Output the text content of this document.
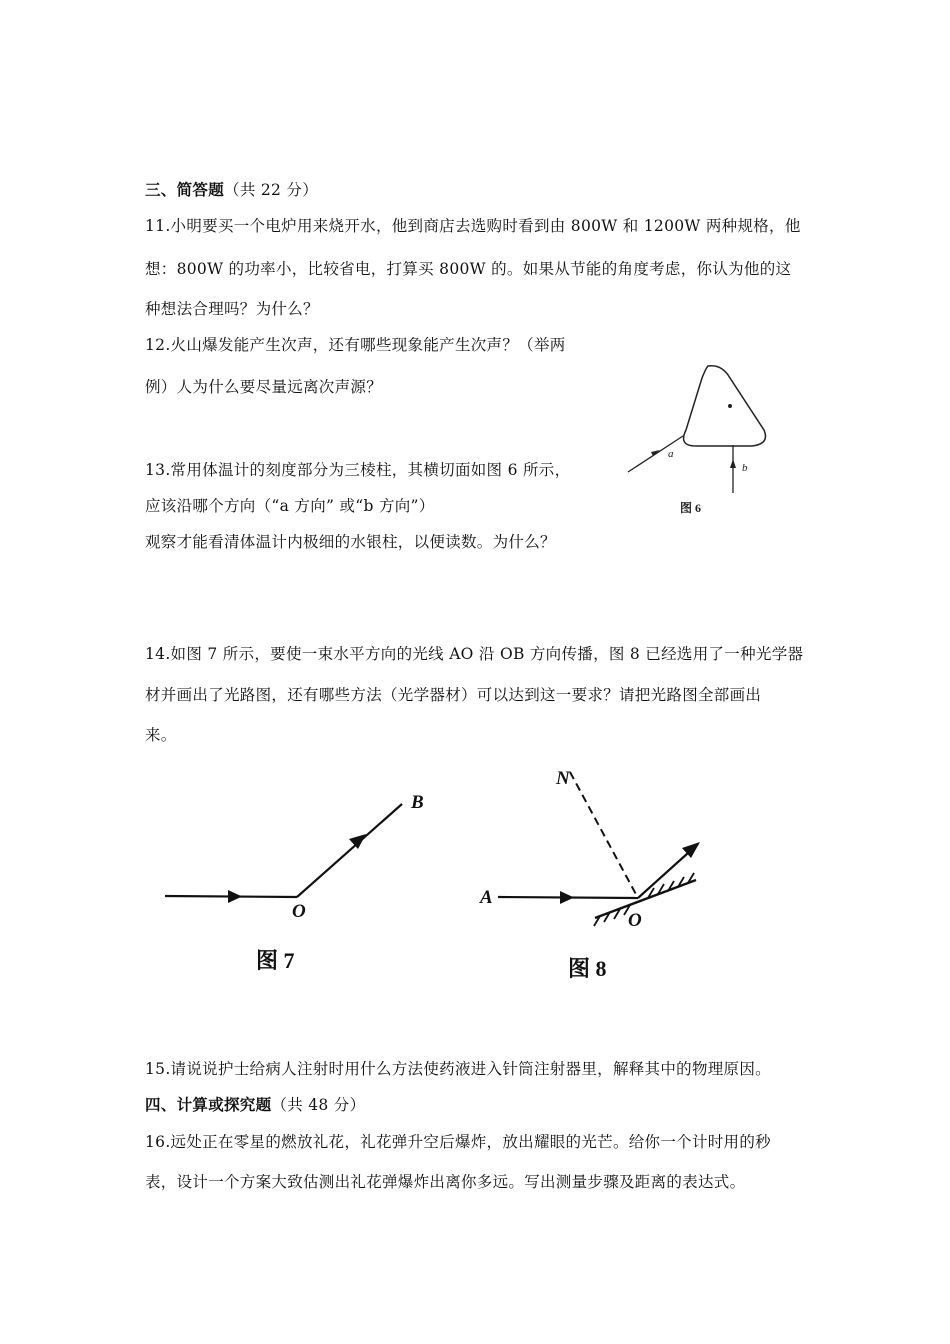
三、简答题（共 22 分）
11.小明要买一个电炉用来烧开水，他到商店去选购时看到由 800W 和 1200W 两种规格，他
想：800W 的功率小，比较省电，打算买 800W 的。如果从节能的角度考虑，你认为他的这
种想法合理吗？为什么？
12.火山爆发能产生次声，还有哪些现象能产生次声？（举两
例）人为什么要尽量远离次声源？
13.常用体温计的刻度部分为三棱柱，其横切面如图 6 所示，
应该沿哪个方向（“a 方向” 或“b 方向”）
观察才能看清体温计内极细的水银柱，以便读数。为什么？
a
b
图 6
14.如图 7 所示，要使一束水平方向的光线 AO 沿 OB 方向传播，图 8 已经选用了一种光学器
材并画出了光路图，还有哪些方法（光学器材）可以达到这一要求？请把光路图全部画出
来。
O
B
图 7
N
A
O
图 8
15.请说说护士给病人注射时用什么方法使药液进入针筒注射器里，解释其中的物理原因。
四、计算或探究题（共 48 分）
16.远处正在零星的燃放礼花，礼花弹升空后爆炸，放出耀眼的光芒。给你一个计时用的秒
表，设计一个方案大致估测出礼花弹爆炸出离你多远。写出测量步骤及距离的表达式。
